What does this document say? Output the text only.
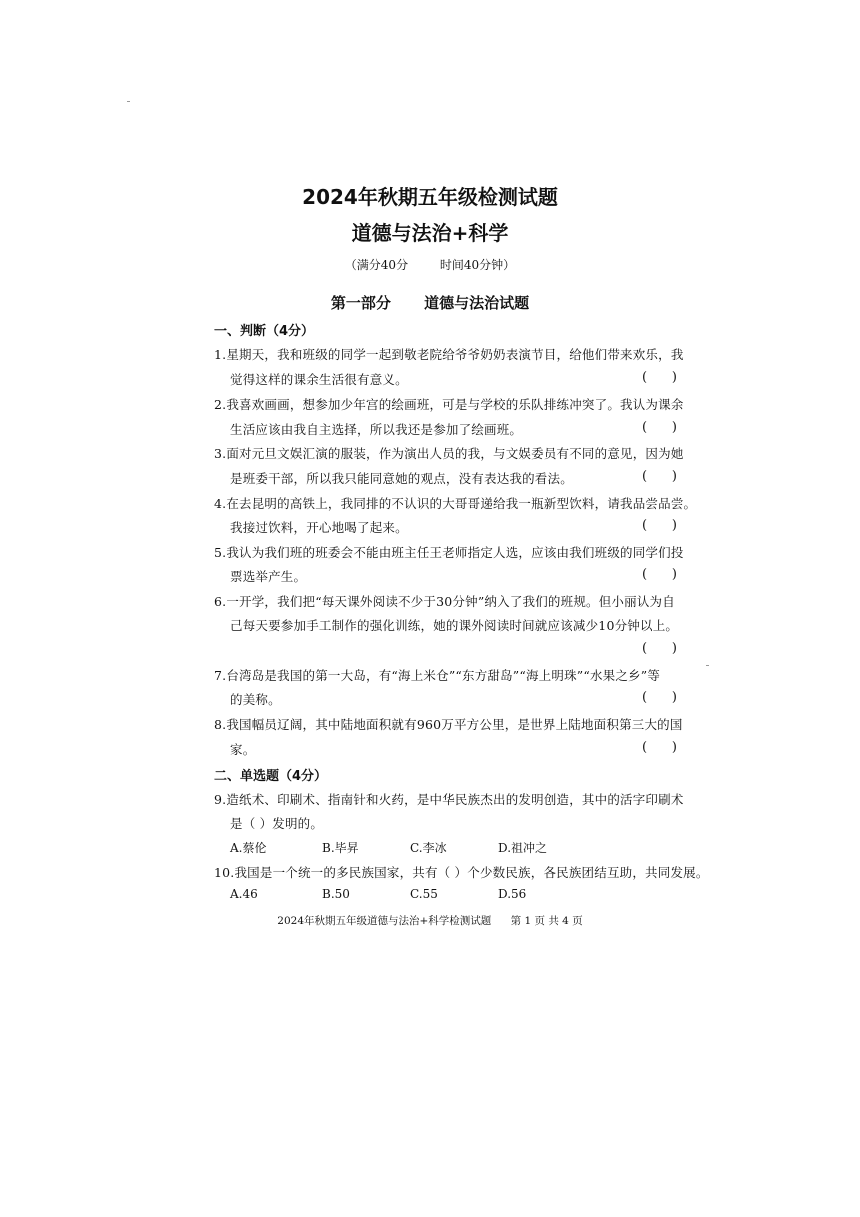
2024年秋期五年级检测试题
道德与法治+科学
（满分40分	时间40分钟）
第一部分 道德与法治试题
一、判断（4分）
1.星期天，我和班级的同学一起到敬老院给爷爷奶奶表演节目，给他们带来欢乐，我
觉得这样的课余生活很有意义。	(      )
2.我喜欢画画，想参加少年宫的绘画班，可是与学校的乐队排练冲突了。我认为课余
生活应该由我自主选择，所以我还是参加了绘画班。	(      )
3.面对元旦文娱汇演的服装，作为演出人员的我，与文娱委员有不同的意见，因为她
是班委干部，所以我只能同意她的观点，没有表达我的看法。	(      )
4.在去昆明的高铁上，我同排的不认识的大哥哥递给我一瓶新型饮料，请我品尝品尝。
我接过饮料，开心地喝了起来。	(      )
5.我认为我们班的班委会不能由班主任王老师指定人选，应该由我们班级的同学们投
票选举产生。	(      )
6.一开学，我们把“每天课外阅读不少于30分钟”纳入了我们的班规。但小丽认为自
己每天要参加手工制作的强化训练，她的课外阅读时间就应该减少10分钟以上。
(      )
7.台湾岛是我国的第一大岛，有“海上米仓”“东方甜岛”“海上明珠”“水果之乡”等
的美称。	(      )
8.我国幅员辽阔，其中陆地面积就有960万平方公里，是世界上陆地面积第三大的国
家。	(      )
二、单选题（4分）
9.造纸术、印刷术、指南针和火药，是中华民族杰出的发明创造，其中的活字印刷术
是（ ）发明的。
A.蔡伦	B.毕昇	C.李冰	D.祖冲之
10.我国是一个统一的多民族国家，共有（ ）个少数民族，各民族团结互助，共同发展。
A.46	B.50	C.55	D.56
2024年秋期五年级道德与法治+科学检测试题 第 1 页 共 4 页
